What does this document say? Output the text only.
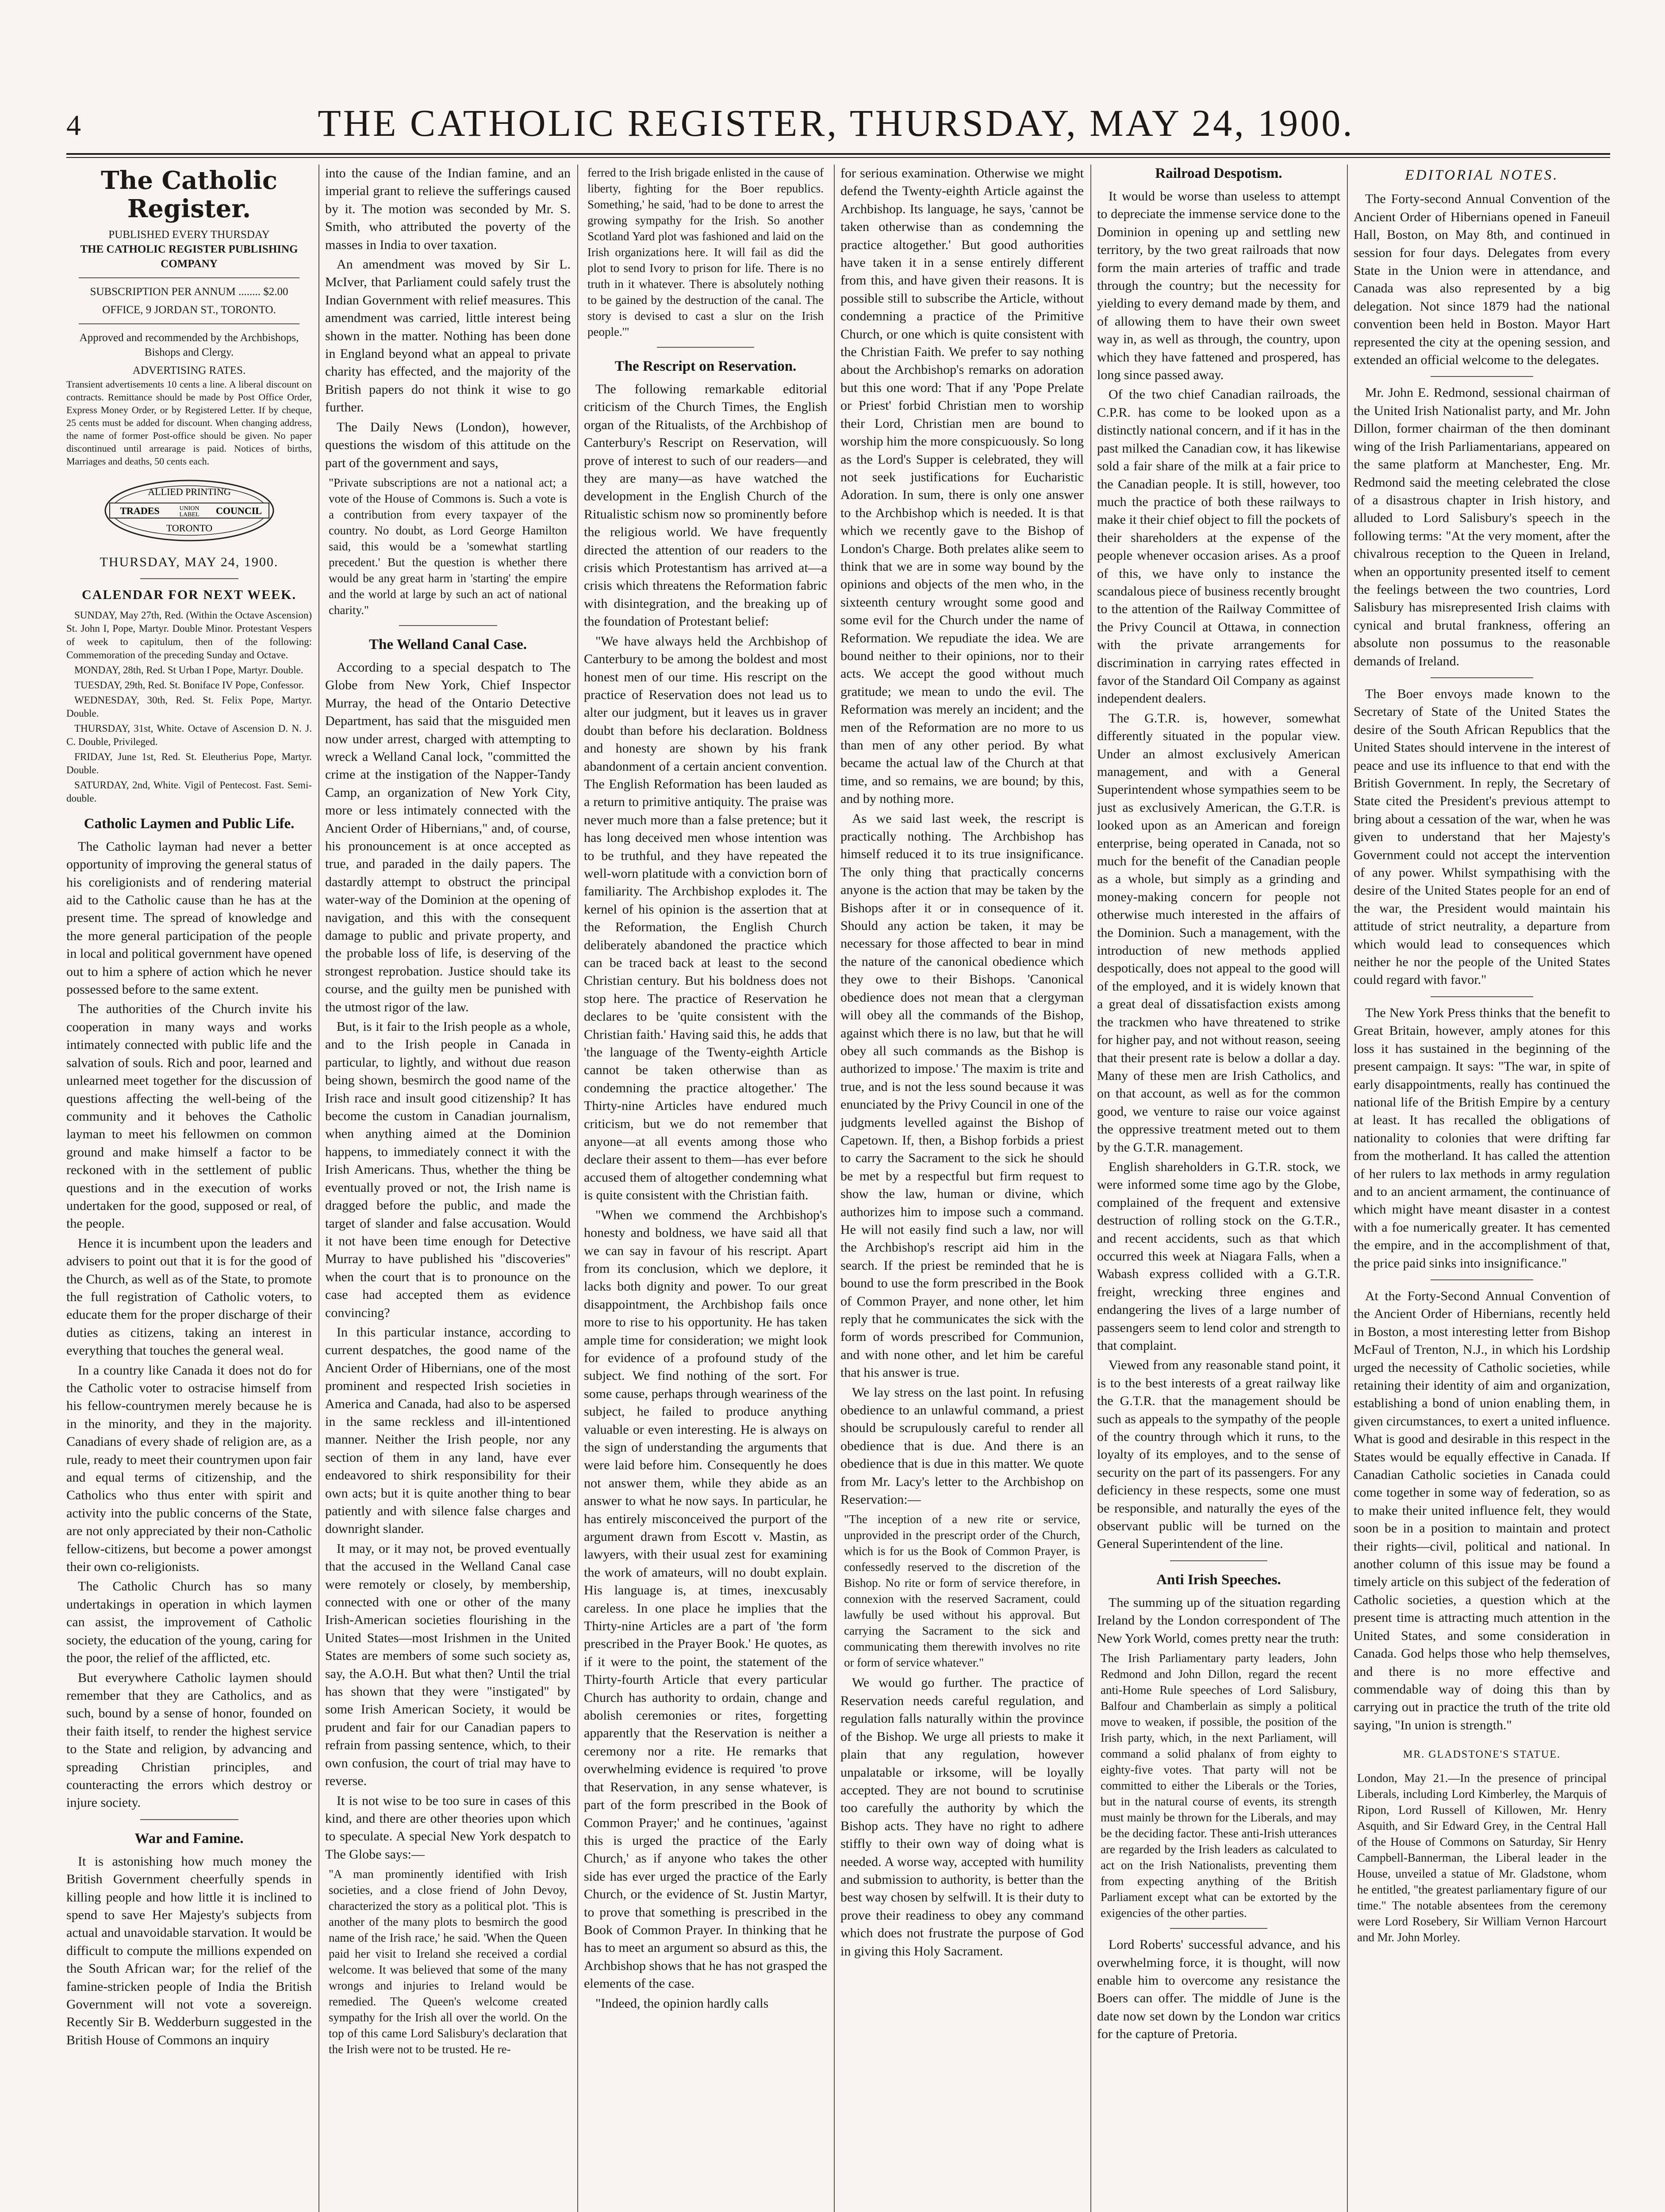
4	THE CATHOLIC REGISTER, THURSDAY, MAY 24, 1900.
The Catholic Register.
PUBLISHED EVERY THURSDAY
THE CATHOLIC REGISTER PUBLISHING COMPANY
SUBSCRIPTION PER ANNUM ........ $2.00
OFFICE, 9 JORDAN ST., TORONTO.
Approved and recommended by the Archbishops, Bishops and Clergy.
ADVERTISING RATES.
Transient advertisements 10 cents a line. A liberal discount on contracts. Remittance should be made by Post Office Order, Express Money Order, or by Registered Letter. If by cheque, 25 cents must be added for discount. When changing address, the name of former Post-office should be given. No paper discontinued until arrearage is paid. Notices of births, Marriages and deaths, 50 cents each.
ALLIED PRINTING
TRADES	UNION
LABEL COUNCIL
TORONTO
THURSDAY, MAY 24, 1900.
CALENDAR FOR NEXT WEEK.

SUNDAY, May 27th, Red. (Within the Octave Ascension) St. John I, Pope, Martyr. Double Minor. Protestant Vespers of week to capitulum, then of the following: Commemoration of the preceding Sunday and Octave.

MONDAY, 28th, Red. St Urban I Pope, Martyr. Double.

TUESDAY, 29th, Red. St. Boniface IV Pope, Confessor.

WEDNESDAY, 30th, Red. St. Felix Pope, Martyr. Double.

THURSDAY, 31st, White. Octave of Ascension D. N. J. C. Double, Privileged.

FRIDAY, June 1st, Red. St. Eleutherius Pope, Martyr. Double.

SATURDAY, 2nd, White. Vigil of Pentecost. Fast. Semi-double.

Catholic Laymen and Public Life.

The Catholic layman had never a better opportunity of improving the general status of his coreligionists and of rendering material aid to the Catholic cause than he has at the present time. The spread of knowledge and the more general participation of the people in local and political government have opened out to him a sphere of action which he never possessed before to the same extent.

The authorities of the Church invite his cooperation in many ways and works intimately connected with public life and the salvation of souls. Rich and poor, learned and unlearned meet together for the discussion of questions affecting the well-being of the community and it behoves the Catholic layman to meet his fellowmen on common ground and make himself a factor to be reckoned with in the settlement of public questions and in the execution of works undertaken for the good, supposed or real, of the people.

Hence it is incumbent upon the leaders and advisers to point out that it is for the good of the Church, as well as of the State, to promote the full registration of Catholic voters, to educate them for the proper discharge of their duties as citizens, taking an interest in everything that touches the general weal.

In a country like Canada it does not do for the Catholic voter to ostracise himself from his fellow-countrymen merely because he is in the minority, and they in the majority. Canadians of every shade of religion are, as a rule, ready to meet their countrymen upon fair and equal terms of citizenship, and the Catholics who thus enter with spirit and activity into the public concerns of the State, are not only appreciated by their non-Catholic fellow-citizens, but become a power amongst their own co-religionists.

The Catholic Church has so many undertakings in operation in which laymen can assist, the improvement of Catholic society, the education of the young, caring for the poor, the relief of the afflicted, etc.

But everywhere Catholic laymen should remember that they are Catholics, and as such, bound by a sense of honor, founded on their faith itself, to render the highest service to the State and religion, by advancing and spreading Christian principles, and counteracting the errors which destroy or injure society.

War and Famine.

It is astonishing how much money the British Government cheerfully spends in killing people and how little it is inclined to spend to save Her Majesty's subjects from actual and unavoidable starvation. It would be difficult to compute the millions expended on the South African war; for the relief of the famine-stricken people of India the British Government will not vote a sovereign. Recently Sir B. Wedderburn suggested in the British House of Commons an inquiry

into the cause of the Indian famine, and an imperial grant to relieve the sufferings caused by it. The motion was seconded by Mr. S. Smith, who attributed the poverty of the masses in India to over taxation.

An amendment was moved by Sir L. McIver, that Parliament could safely trust the Indian Government with relief measures. This amendment was carried, little interest being shown in the matter. Nothing has been done in England beyond what an appeal to private charity has effected, and the majority of the British papers do not think it wise to go further.

The Daily News (London), however, questions the wisdom of this attitude on the part of the government and says,

"Private subscriptions are not a national act; a vote of the House of Commons is. Such a vote is a contribution from every taxpayer of the country. No doubt, as Lord George Hamilton said, this would be a 'somewhat startling precedent.' But the question is whether there would be any great harm in 'starting' the empire and the world at large by such an act of national charity."
The Welland Canal Case.

According to a special despatch to The Globe from New York, Chief Inspector Murray, the head of the Ontario Detective Department, has said that the misguided men now under arrest, charged with attempting to wreck a Welland Canal lock, "committed the crime at the instigation of the Napper-Tandy Camp, an organization of New York City, more or less intimately connected with the Ancient Order of Hibernians," and, of course, his pronouncement is at once accepted as true, and paraded in the daily papers. The dastardly attempt to obstruct the principal water-way of the Dominion at the opening of navigation, and this with the consequent damage to public and private property, and the probable loss of life, is deserving of the strongest reprobation. Justice should take its course, and the guilty men be punished with the utmost rigor of the law.

But, is it fair to the Irish people as a whole, and to the Irish people in Canada in particular, to lightly, and without due reason being shown, besmirch the good name of the Irish race and insult good citizenship? It has become the custom in Canadian journalism, when anything aimed at the Dominion happens, to immediately connect it with the Irish Americans. Thus, whether the thing be eventually proved or not, the Irish name is dragged before the public, and made the target of slander and false accusation. Would it not have been time enough for Detective Murray to have published his "discoveries" when the court that is to pronounce on the case had accepted them as evidence convincing?

In this particular instance, according to current despatches, the good name of the Ancient Order of Hibernians, one of the most prominent and respected Irish societies in America and Canada, had also to be aspersed in the same reckless and ill-intentioned manner. Neither the Irish people, nor any section of them in any land, have ever endeavored to shirk responsibility for their own acts; but it is quite another thing to bear patiently and with silence false charges and downright slander.

It may, or it may not, be proved eventually that the accused in the Welland Canal case were remotely or closely, by membership, connected with one or other of the many Irish-American societies flourishing in the United States—most Irishmen in the United States are members of some such society as, say, the A.O.H. But what then? Until the trial has shown that they were "instigated" by some Irish American Society, it would be prudent and fair for our Canadian papers to refrain from passing sentence, which, to their own confusion, the court of trial may have to reverse.

It is not wise to be too sure in cases of this kind, and there are other theories upon which to speculate. A special New York despatch to The Globe says:—

"A man prominently identified with Irish societies, and a close friend of John Devoy, characterized the story as a political plot. 'This is another of the many plots to besmirch the good name of the Irish race,' he said. 'When the Queen paid her visit to Ireland she received a cordial welcome. It was believed that some of the many wrongs and injuries to Ireland would be remedied. The Queen's welcome created sympathy for the Irish all over the world. On the top of this came Lord Salisbury's declaration that the Irish were not to be trusted. He re-
ferred to the Irish brigade enlisted in the cause of liberty, fighting for the Boer republics. Something,' he said, 'had to be done to arrest the growing sympathy for the Irish. So another Scotland Yard plot was fashioned and laid on the Irish organizations here. It will fail as did the plot to send Ivory to prison for life. There is no truth in it whatever. There is absolutely nothing to be gained by the destruction of the canal. The story is devised to cast a slur on the Irish people.'"
The Rescript on Reservation.

The following remarkable editorial criticism of the Church Times, the English organ of the Ritualists, of the Archbishop of Canterbury's Rescript on Reservation, will prove of interest to such of our readers—and they are many—as have watched the development in the English Church of the Ritualistic schism now so prominently before the religious world. We have frequently directed the attention of our readers to the crisis which Protestantism has arrived at—a crisis which threatens the Reformation fabric with disintegration, and the breaking up of the foundation of Protestant belief:

"We have always held the Archbishop of Canterbury to be among the boldest and most honest men of our time. His rescript on the practice of Reservation does not lead us to alter our judgment, but it leaves us in graver doubt than before his declaration. Boldness and honesty are shown by his frank abandonment of a certain ancient convention. The English Reformation has been lauded as a return to primitive antiquity. The praise was never much more than a false pretence; but it has long deceived men whose intention was to be truthful, and they have repeated the well-worn platitude with a conviction born of familiarity. The Archbishop explodes it. The kernel of his opinion is the assertion that at the Reformation, the English Church deliberately abandoned the practice which can be traced back at least to the second Christian century. But his boldness does not stop here. The practice of Reservation he declares to be 'quite consistent with the Christian faith.' Having said this, he adds that 'the language of the Twenty-eighth Article cannot be taken otherwise than as condemning the practice altogether.' The Thirty-nine Articles have endured much criticism, but we do not remember that anyone—at all events among those who declare their assent to them—has ever before accused them of altogether condemning what is quite consistent with the Christian faith.

"When we commend the Archbishop's honesty and boldness, we have said all that we can say in favour of his rescript. Apart from its conclusion, which we deplore, it lacks both dignity and power. To our great disappointment, the Archbishop fails once more to rise to his opportunity. He has taken ample time for consideration; we might look for evidence of a profound study of the subject. We find nothing of the sort. For some cause, perhaps through weariness of the subject, he failed to produce anything valuable or even interesting. He is always on the sign of understanding the arguments that were laid before him. Consequently he does not answer them, while they abide as an answer to what he now says. In particular, he has entirely misconceived the purport of the argument drawn from Escott v. Mastin, as lawyers, with their usual zest for examining the work of amateurs, will no doubt explain. His language is, at times, inexcusably careless. In one place he implies that the Thirty-nine Articles are a part of 'the form prescribed in the Prayer Book.' He quotes, as if it were to the point, the statement of the Thirty-fourth Article that every particular Church has authority to ordain, change and abolish ceremonies or rites, forgetting apparently that the Reservation is neither a ceremony nor a rite. He remarks that overwhelming evidence is required 'to prove that Reservation, in any sense whatever, is part of the form prescribed in the Book of Common Prayer;' and he continues, 'against this is urged the practice of the Early Church,' as if anyone who takes the other side has ever urged the practice of the Early Church, or the evidence of St. Justin Martyr, to prove that something is prescribed in the Book of Common Prayer. In thinking that he has to meet an argument so absurd as this, the Archbishop shows that he has not grasped the elements of the case.

"Indeed, the opinion hardly calls

for serious examination. Otherwise we might defend the Twenty-eighth Article against the Archbishop. Its language, he says, 'cannot be taken otherwise than as condemning the practice altogether.' But good authorities have taken it in a sense entirely different from this, and have given their reasons. It is possible still to subscribe the Article, without condemning a practice of the Primitive Church, or one which is quite consistent with the Christian Faith. We prefer to say nothing about the Archbishop's remarks on adoration but this one word: That if any 'Pope Prelate or Priest' forbid Christian men to worship their Lord, Christian men are bound to worship him the more conspicuously. So long as the Lord's Supper is celebrated, they will not seek justifications for Eucharistic Adoration. In sum, there is only one answer to the Archbishop which is needed. It is that which we recently gave to the Bishop of London's Charge. Both prelates alike seem to think that we are in some way bound by the opinions and objects of the men who, in the sixteenth century wrought some good and some evil for the Church under the name of Reformation. We repudiate the idea. We are bound neither to their opinions, nor to their acts. We accept the good without much gratitude; we mean to undo the evil. The Reformation was merely an incident; and the men of the Reformation are no more to us than men of any other period. By what became the actual law of the Church at that time, and so remains, we are bound; by this, and by nothing more.

As we said last week, the rescript is practically nothing. The Archbishop has himself reduced it to its true insignificance. The only thing that practically concerns anyone is the action that may be taken by the Bishops after it or in consequence of it. Should any action be taken, it may be necessary for those affected to bear in mind the nature of the canonical obedience which they owe to their Bishops. 'Canonical obedience does not mean that a clergyman will obey all the commands of the Bishop, against which there is no law, but that he will obey all such commands as the Bishop is authorized to impose.' The maxim is trite and true, and is not the less sound because it was enunciated by the Privy Council in one of the judgments levelled against the Bishop of Capetown. If, then, a Bishop forbids a priest to carry the Sacrament to the sick he should be met by a respectful but firm request to show the law, human or divine, which authorizes him to impose such a command. He will not easily find such a law, nor will the Archbishop's rescript aid him in the search. If the priest be reminded that he is bound to use the form prescribed in the Book of Common Prayer, and none other, let him reply that he communicates the sick with the form of words prescribed for Communion, and with none other, and let him be careful that his answer is true.

We lay stress on the last point. In refusing obedience to an unlawful command, a priest should be scrupulously careful to render all obedience that is due. And there is an obedience that is due in this matter. We quote from Mr. Lacy's letter to the Archbishop on Reservation:—

"The inception of a new rite or service, unprovided in the prescript order of the Church, which is for us the Book of Common Prayer, is confessedly reserved to the discretion of the Bishop. No rite or form of service therefore, in connexion with the reserved Sacrament, could lawfully be used without his approval. But carrying the Sacrament to the sick and communicating them therewith involves no rite or form of service whatever."

We would go further. The practice of Reservation needs careful regulation, and regulation falls naturally within the province of the Bishop. We urge all priests to make it plain that any regulation, however unpalatable or irksome, will be loyally accepted. They are not bound to scrutinise too carefully the authority by which the Bishop acts. They have no right to adhere stiffly to their own way of doing what is needed. A worse way, accepted with humility and submission to authority, is better than the best way chosen by selfwill. It is their duty to prove their readiness to obey any command which does not frustrate the purpose of God in giving this Holy Sacrament.

Railroad Despotism.

It would be worse than useless to attempt to depreciate the immense service done to the Dominion in opening up and settling new territory, by the two great railroads that now form the main arteries of traffic and trade through the country; but the necessity for yielding to every demand made by them, and of allowing them to have their own sweet way in, as well as through, the country, upon which they have fattened and prospered, has long since passed away.

Of the two chief Canadian railroads, the C.P.R. has come to be looked upon as a distinctly national concern, and if it has in the past milked the Canadian cow, it has likewise sold a fair share of the milk at a fair price to the Canadian people. It is still, however, too much the practice of both these railways to make it their chief object to fill the pockets of their shareholders at the expense of the people whenever occasion arises. As a proof of this, we have only to instance the scandalous piece of business recently brought to the attention of the Railway Committee of the Privy Council at Ottawa, in connection with the private arrangements for discrimination in carrying rates effected in favor of the Standard Oil Company as against independent dealers.

The G.T.R. is, however, somewhat differently situated in the popular view. Under an almost exclusively American management, and with a General Superintendent whose sympathies seem to be just as exclusively American, the G.T.R. is looked upon as an American and foreign enterprise, being operated in Canada, not so much for the benefit of the Canadian people as a whole, but simply as a grinding and money-making concern for people not otherwise much interested in the affairs of the Dominion. Such a management, with the introduction of new methods applied despotically, does not appeal to the good will of the employed, and it is widely known that a great deal of dissatisfaction exists among the trackmen who have threatened to strike for higher pay, and not without reason, seeing that their present rate is below a dollar a day. Many of these men are Irish Catholics, and on that account, as well as for the common good, we venture to raise our voice against the oppressive treatment meted out to them by the G.T.R. management.

English shareholders in G.T.R. stock, we were informed some time ago by the Globe, complained of the frequent and extensive destruction of rolling stock on the G.T.R., and recent accidents, such as that which occurred this week at Niagara Falls, when a Wabash express collided with a G.T.R. freight, wrecking three engines and endangering the lives of a large number of passengers seem to lend color and strength to that complaint.

Viewed from any reasonable stand point, it is to the best interests of a great railway like the G.T.R. that the management should be such as appeals to the sympathy of the people of the country through which it runs, to the loyalty of its employes, and to the sense of security on the part of its passengers. For any deficiency in these respects, some one must be responsible, and naturally the eyes of the observant public will be turned on the General Superintendent of the line.

Anti Irish Speeches.

The summing up of the situation regarding Ireland by the London correspondent of The New York World, comes pretty near the truth:

The Irish Parliamentary party leaders, John Redmond and John Dillon, regard the recent anti-Home Rule speeches of Lord Salisbury, Balfour and Chamberlain as simply a political move to weaken, if possible, the position of the Irish party, which, in the next Parliament, will command a solid phalanx of from eighty to eighty-five votes. That party will not be committed to either the Liberals or the Tories, but in the natural course of events, its strength must mainly be thrown for the Liberals, and may be the deciding factor. These anti-Irish utterances are regarded by the Irish leaders as calculated to act on the Irish Nationalists, preventing them from expecting anything of the British Parliament except what can be extorted by the exigencies of the other parties.

Lord Roberts' successful advance, and his overwhelming force, it is thought, will now enable him to overcome any resistance the Boers can offer. The middle of June is the date now set down by the London war critics for the capture of Pretoria.

EDITORIAL NOTES.

The Forty-second Annual Convention of the Ancient Order of Hibernians opened in Faneuil Hall, Boston, on May 8th, and continued in session for four days. Delegates from every State in the Union were in attendance, and Canada was also represented by a big delegation. Not since 1879 had the national convention been held in Boston. Mayor Hart represented the city at the opening session, and extended an official welcome to the delegates.

Mr. John E. Redmond, sessional chairman of the United Irish Nationalist party, and Mr. John Dillon, former chairman of the then dominant wing of the Irish Parliamentarians, appeared on the same platform at Manchester, Eng. Mr. Redmond said the meeting celebrated the close of a disastrous chapter in Irish history, and alluded to Lord Salisbury's speech in the following terms: "At the very moment, after the chivalrous reception to the Queen in Ireland, when an opportunity presented itself to cement the feelings between the two countries, Lord Salisbury has misrepresented Irish claims with cynical and brutal frankness, offering an absolute non possumus to the reasonable demands of Ireland.

The Boer envoys made known to the Secretary of State of the United States the desire of the South African Republics that the United States should intervene in the interest of peace and use its influence to that end with the British Government. In reply, the Secretary of State cited the President's previous attempt to bring about a cessation of the war, when he was given to understand that her Majesty's Government could not accept the intervention of any power. Whilst sympathising with the desire of the United States people for an end of the war, the President would maintain his attitude of strict neutrality, a departure from which would lead to consequences which neither he nor the people of the United States could regard with favor."

The New York Press thinks that the benefit to Great Britain, however, amply atones for this loss it has sustained in the beginning of the present campaign. It says: "The war, in spite of early disappointments, really has continued the national life of the British Empire by a century at least. It has recalled the obligations of nationality to colonies that were drifting far from the motherland. It has called the attention of her rulers to lax methods in army regulation and to an ancient armament, the continuance of which might have meant disaster in a contest with a foe numerically greater. It has cemented the empire, and in the accomplishment of that, the price paid sinks into insignificance."

At the Forty-Second Annual Convention of the Ancient Order of Hibernians, recently held in Boston, a most interesting letter from Bishop McFaul of Trenton, N.J., in which his Lordship urged the necessity of Catholic societies, while retaining their identity of aim and organization, establishing a bond of union enabling them, in given circumstances, to exert a united influence. What is good and desirable in this respect in the States would be equally effective in Canada. If Canadian Catholic societies in Canada could come together in some way of federation, so as to make their united influence felt, they would soon be in a position to maintain and protect their rights—civil, political and national. In another column of this issue may be found a timely article on this subject of the federation of Catholic societies, a question which at the present time is attracting much attention in the United States, and some consideration in Canada. God helps those who help themselves, and there is no more effective and commendable way of doing this than by carrying out in practice the truth of the trite old saying, "In union is strength."

MR. GLADSTONE'S STATUE.
London, May 21.—In the presence of principal Liberals, including Lord Kimberley, the Marquis of Ripon, Lord Russell of Killowen, Mr. Henry Asquith, and Sir Edward Grey, in the Central Hall of the House of Commons on Saturday, Sir Henry Campbell-Bannerman, the Liberal leader in the House, unveiled a statue of Mr. Gladstone, whom he entitled, "the greatest parliamentary figure of our time." The notable absentees from the ceremony were Lord Rosebery, Sir William Vernon Harcourt and Mr. John Morley.
